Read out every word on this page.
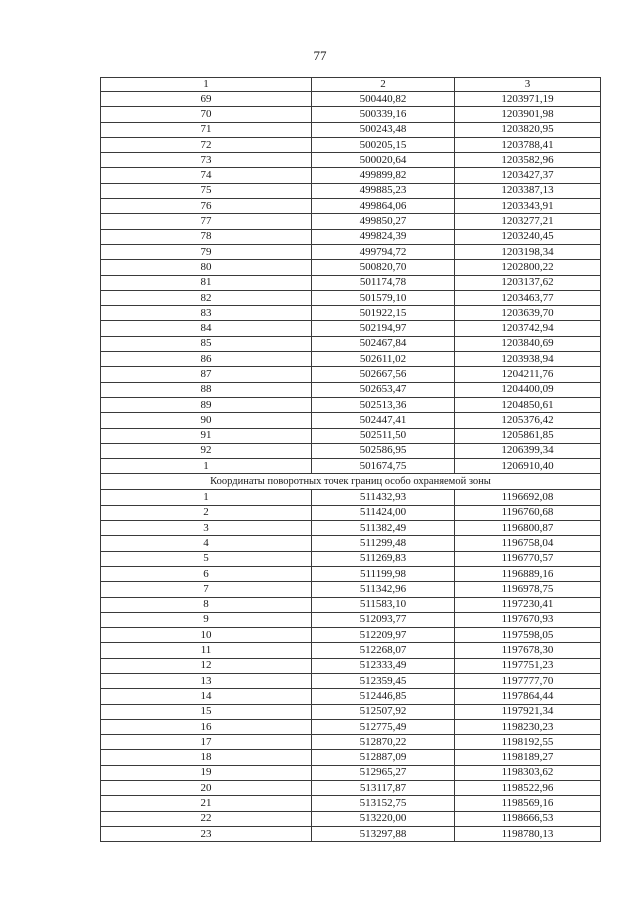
77
1	2	3
69	500440,82	1203971,19
70	500339,16	1203901,98
71	500243,48	1203820,95
72	500205,15	1203788,41
73	500020,64	1203582,96
74	499899,82	1203427,37
75	499885,23	1203387,13
76	499864,06	1203343,91
77	499850,27	1203277,21
78	499824,39	1203240,45
79	499794,72	1203198,34
80	500820,70	1202800,22
81	501174,78	1203137,62
82	501579,10	1203463,77
83	501922,15	1203639,70
84	502194,97	1203742,94
85	502467,84	1203840,69
86	502611,02	1203938,94
87	502667,56	1204211,76
88	502653,47	1204400,09
89	502513,36	1204850,61
90	502447,41	1205376,42
91	502511,50	1205861,85
92	502586,95	1206399,34
1	501674,75	1206910,40
Координаты поворотных точек границ особо охраняемой зоны		
1	511432,93	1196692,08
2	511424,00	1196760,68
3	511382,49	1196800,87
4	511299,48	1196758,04
5	511269,83	1196770,57
6	511199,98	1196889,16
7	511342,96	1196978,75
8	511583,10	1197230,41
9	512093,77	1197670,93
10	512209,97	1197598,05
11	512268,07	1197678,30
12	512333,49	1197751,23
13	512359,45	1197777,70
14	512446,85	1197864,44
15	512507,92	1197921,34
16	512775,49	1198230,23
17	512870,22	1198192,55
18	512887,09	1198189,27
19	512965,27	1198303,62
20	513117,87	1198522,96
21	513152,75	1198569,16
22	513220,00	1198666,53
23	513297,88	1198780,13
